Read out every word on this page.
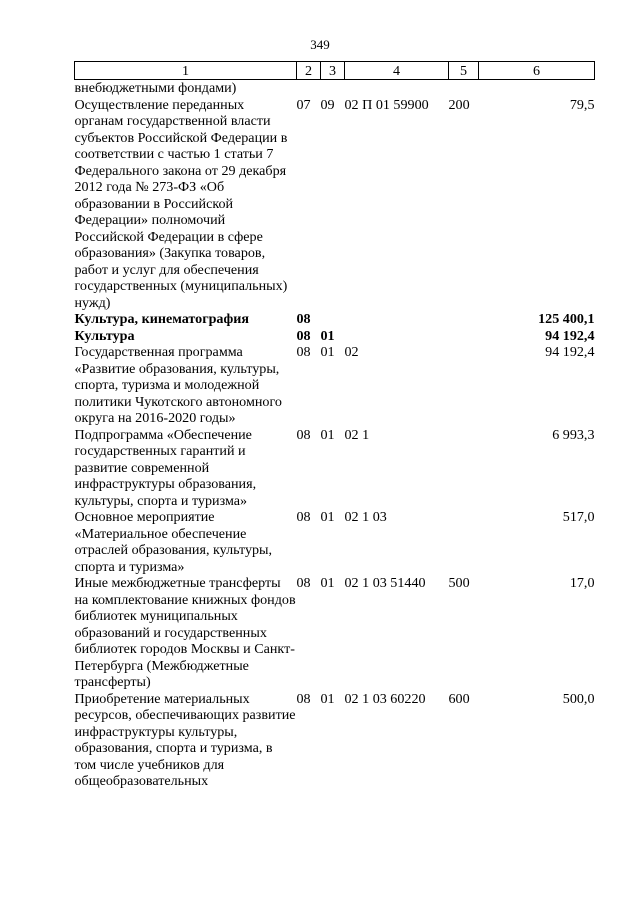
349
1	2	3	4	5	6
внебюджетными фондами)					
Осуществление переданных органам государственной власти субъектов Российской Федерации в соответствии с частью 1 статьи 7 Федерального закона от 29 декабря 2012 года № 273-ФЗ «Об образовании в Российской Федерации» полномочий Российской Федерации в сфере образования» (Закупка товаров, работ и услуг для обеспечения государственных (муниципальных) нужд)	07	09	02 П 01 59900	200	79,5
Культура, кинематография	08				125 400,1
Культура	08	01			94 192,4
Государственная программа «Развитие образования, культуры, спорта, туризма и молодежной политики Чукотского автономного округа на 2016-2020 годы»	08	01	02		94 192,4
Подпрограмма «Обеспечение государственных гарантий и развитие современной инфраструктуры образования, культуры, спорта и туризма»	08	01	02 1		6 993,3
Основное мероприятие «Материальное обеспечение отраслей образования, культуры, спорта и туризма»	08	01	02 1 03		517,0
Иные межбюджетные трансферты на комплектование книжных фондов библиотек муниципальных образований и государственных библиотек городов Москвы и Санкт-Петербурга (Межбюджетные трансферты)	08	01	02 1 03 51440	500	17,0
Приобретение материальных ресурсов, обеспечивающих развитие инфраструктуры культуры, образования, спорта и туризма, в том числе учебников для общеобразовательных	08	01	02 1 03 60220	600	500,0
